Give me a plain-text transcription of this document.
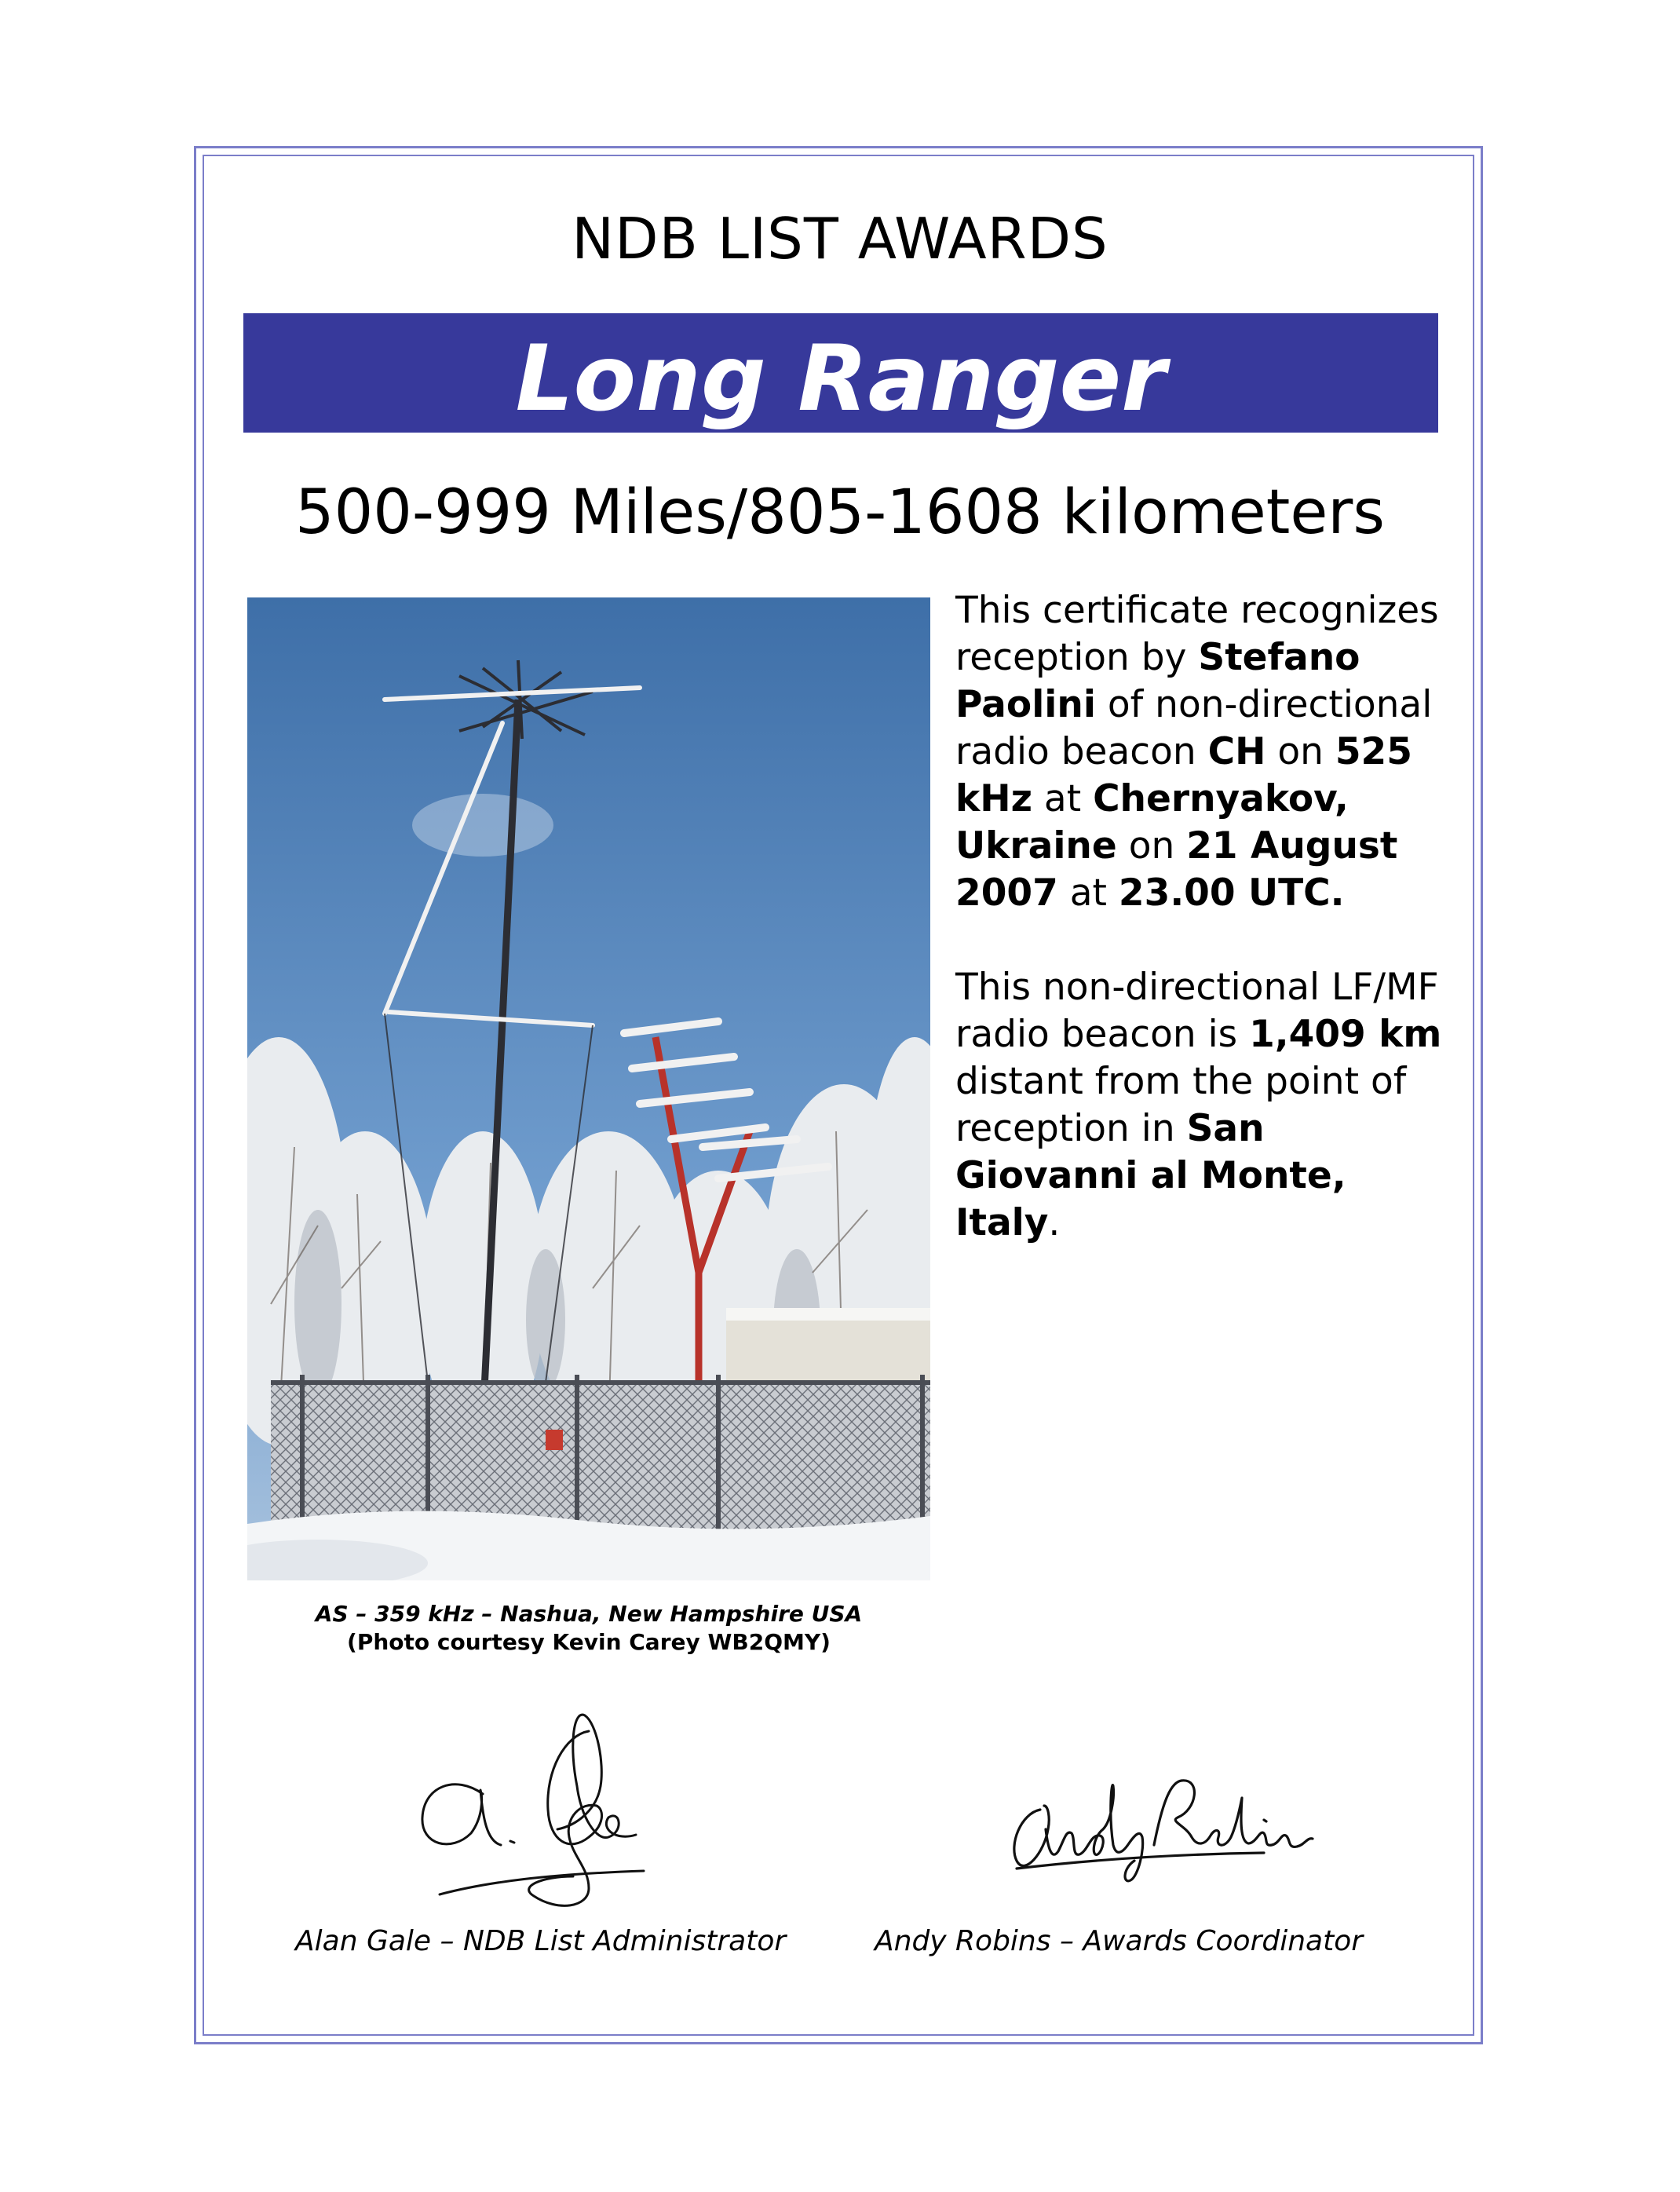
NDB LIST AWARDS
Long Ranger
500-999 Miles/805-1608 kilometers
AS – 359 kHz – Nashua, New Hampshire USA
(Photo courtesy Kevin Carey WB2QMY)

This certificate recognizes reception by Stefano Paolini of non-directional radio beacon CH on 525 kHz at Chernyakov, Ukraine on 21 August 2007 at 23.00 UTC.

This non-directional LF/MF radio beacon is 1,409 km distant from the point of reception in San Giovanni al Monte, Italy.

Alan Gale – NDB List Administrator	Andy Robins – Awards Coordinator
